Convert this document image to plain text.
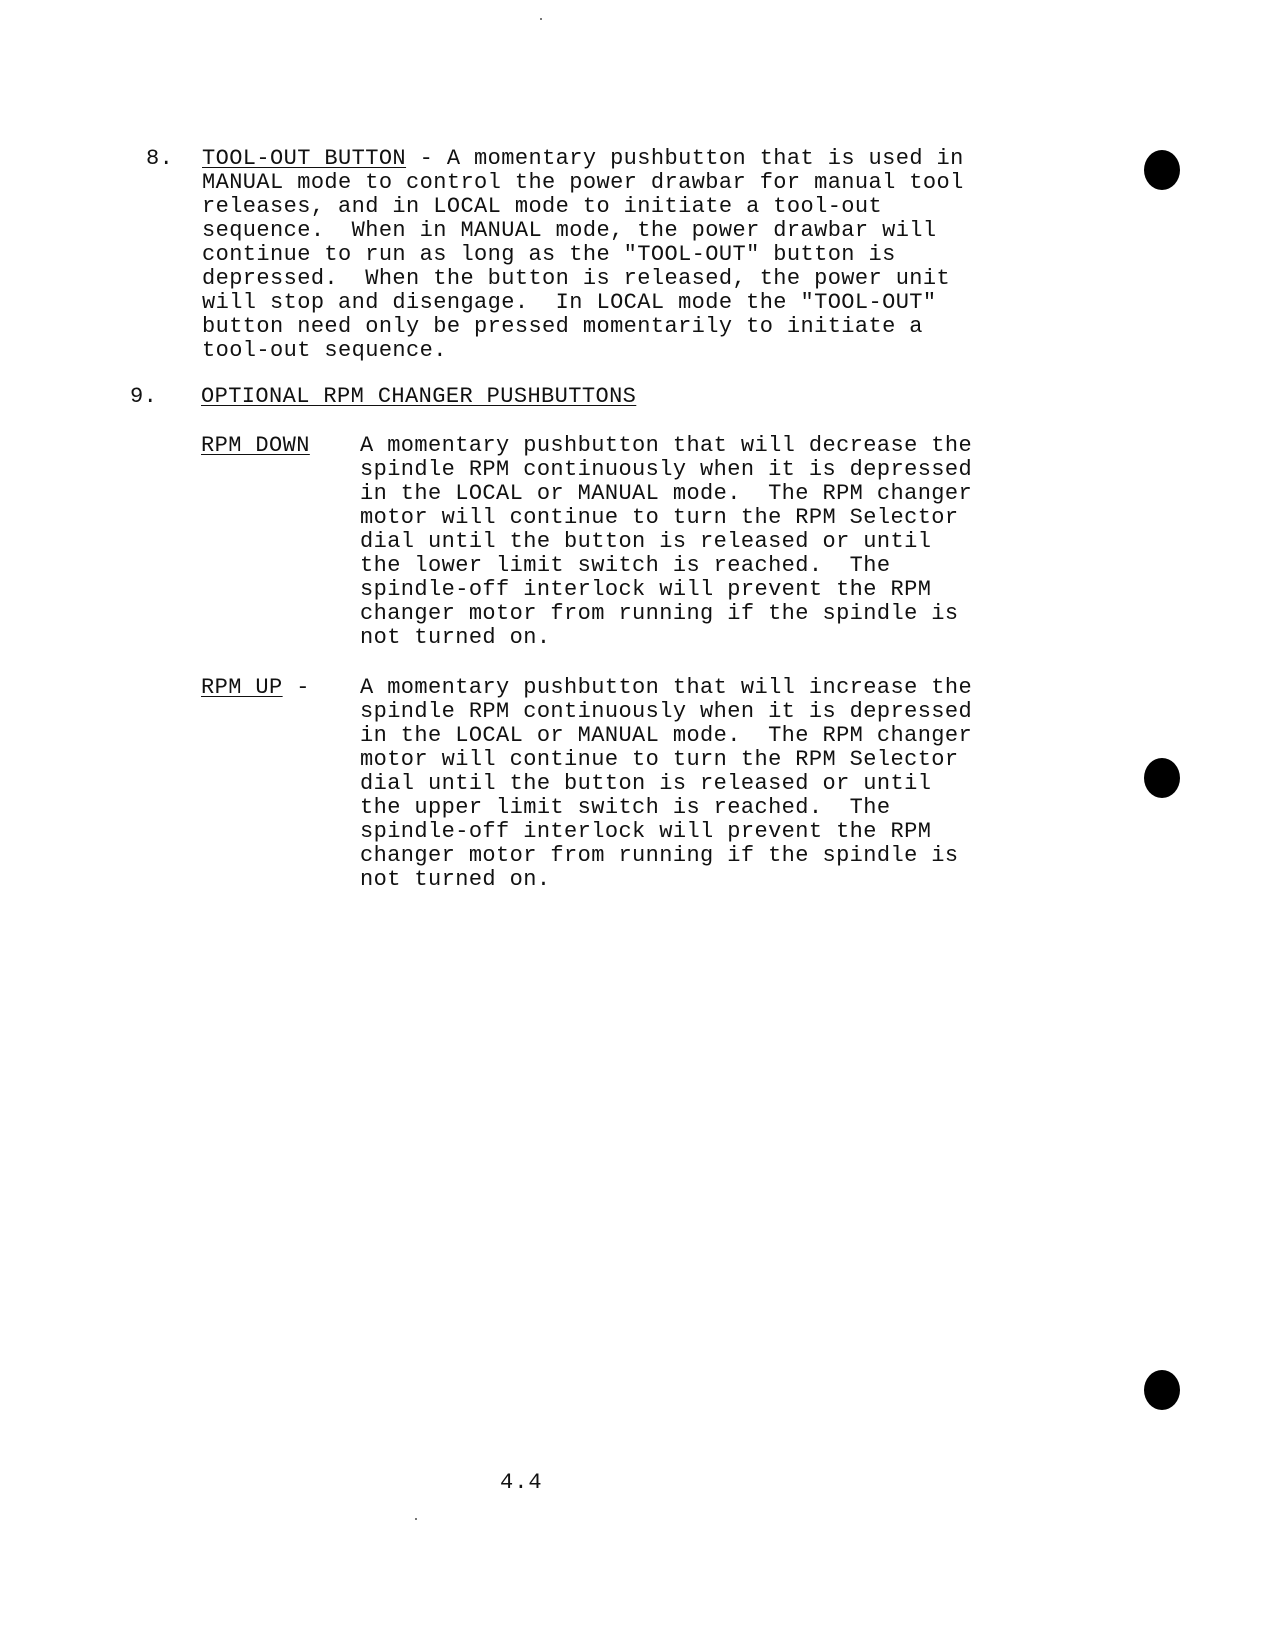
8. TOOL-OUT BUTTON - A momentary pushbutton that is used in
MANUAL mode to control the power drawbar for manual tool
releases, and in LOCAL mode to initiate a tool-out
sequence.  When in MANUAL mode, the power drawbar will
continue to run as long as the "TOOL-OUT" button is
depressed.  When the button is released, the power unit
will stop and disengage.  In LOCAL mode the "TOOL-OUT"
button need only be pressed momentarily to initiate a
tool-out sequence.
9. OPTIONAL RPM CHANGER PUSHBUTTONS
RPM DOWN A momentary pushbutton that will decrease the
spindle RPM continuously when it is depressed
in the LOCAL or MANUAL mode.  The RPM changer
motor will continue to turn the RPM Selector
dial until the button is released or until
the lower limit switch is reached.  The
spindle-off interlock will prevent the RPM
changer motor from running if the spindle is
not turned on.
RPM UP - A momentary pushbutton that will increase the
spindle RPM continuously when it is depressed
in the LOCAL or MANUAL mode.  The RPM changer
motor will continue to turn the RPM Selector
dial until the button is released or until
the upper limit switch is reached.  The
spindle-off interlock will prevent the RPM
changer motor from running if the spindle is
not turned on.
4.4
